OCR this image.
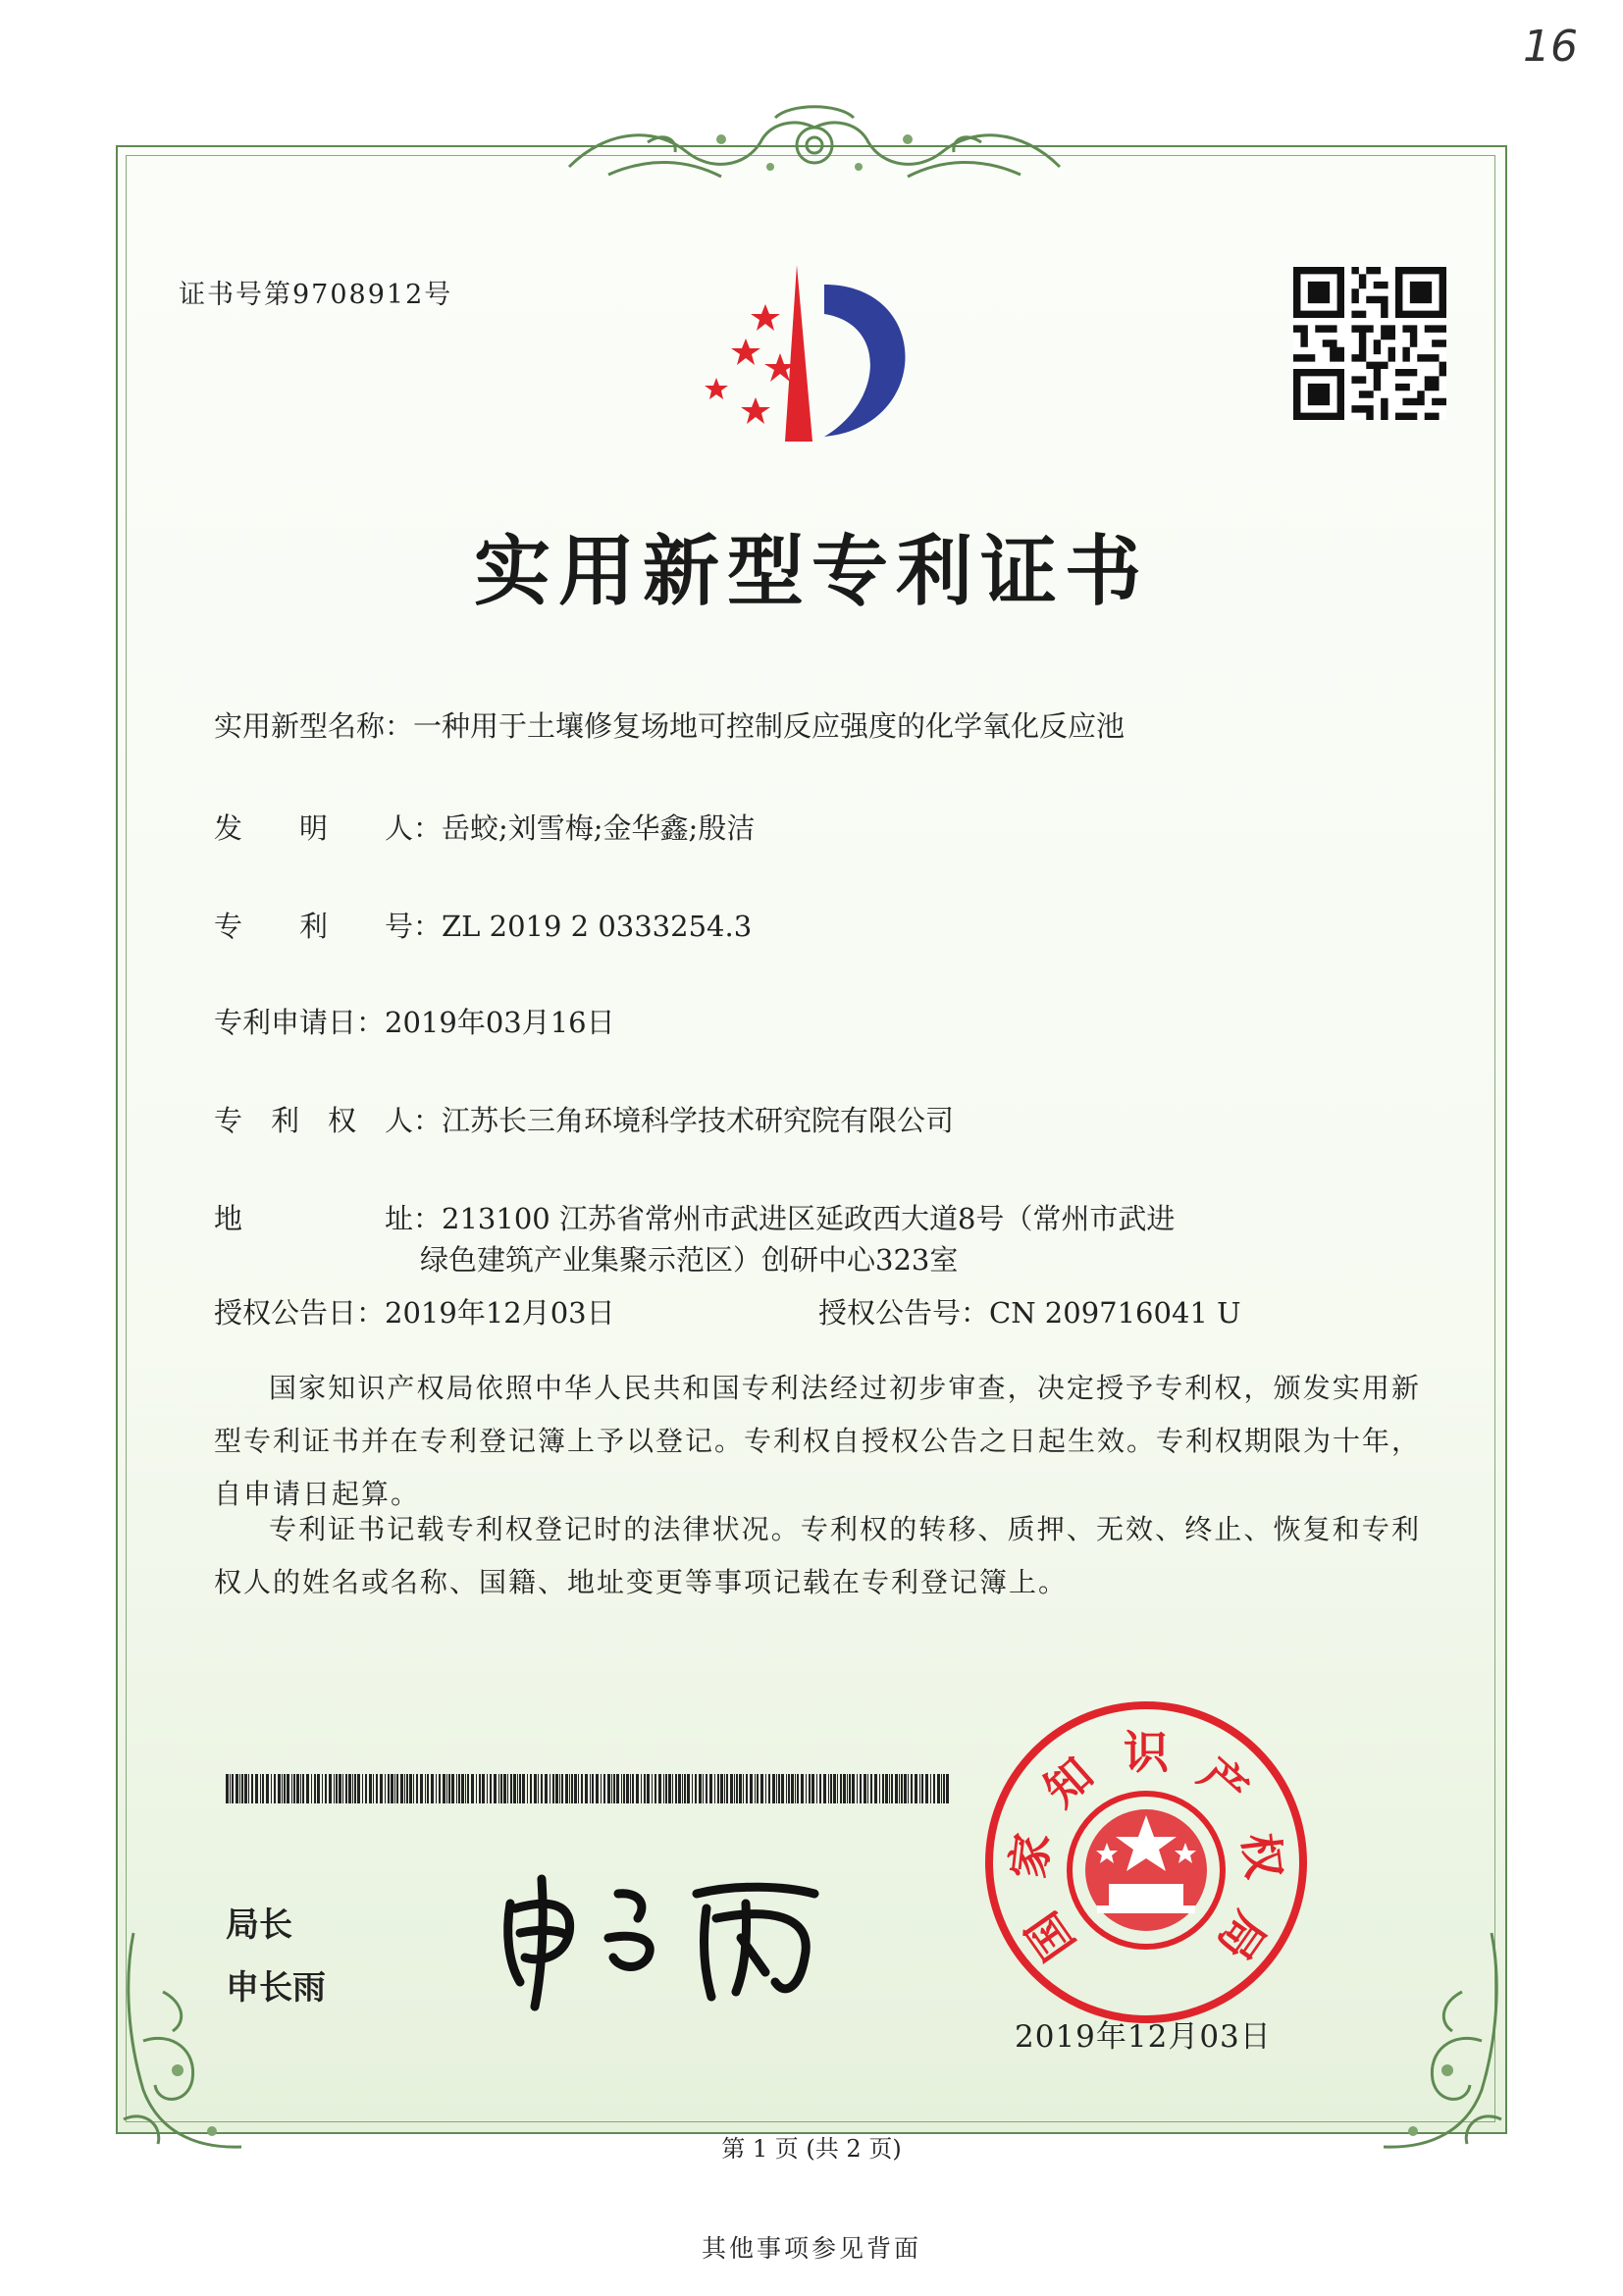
16
证书号第9708912号
实用新型专利证书
实用新型名称：一种用于土壤修复场地可控制反应强度的化学氧化反应池
发　　明　　人：岳蛟;刘雪梅;金华鑫;殷洁
专　　利　　号：ZL 2019 2 0333254.3
专利申请日：2019年03月16日
专　利　权　人：江苏长三角环境科学技术研究院有限公司
地　　　　　址：213100 江苏省常州市武进区延政西大道8号（常州市武进
绿色建筑产业集聚示范区）创研中心323室
授权公告日：2019年12月03日	授权公告号：CN 209716041 U
国家知识产权局依照中华人民共和国专利法经过初步审查，决定授予专利权，颁发实用新型专利证书并在专利登记簿上予以登记。专利权自授权公告之日起生效。专利权期限为十年，自申请日起算。
专利证书记载专利权登记时的法律状况。专利权的转移、质押、无效、终止、恢复和专利权人的姓名或名称、国籍、地址变更等事项记载在专利登记簿上。
局长
申长雨
国
家
知 识 产
权
局
2019年12月03日
第 1 页 (共 2 页)
其他事项参见背面
